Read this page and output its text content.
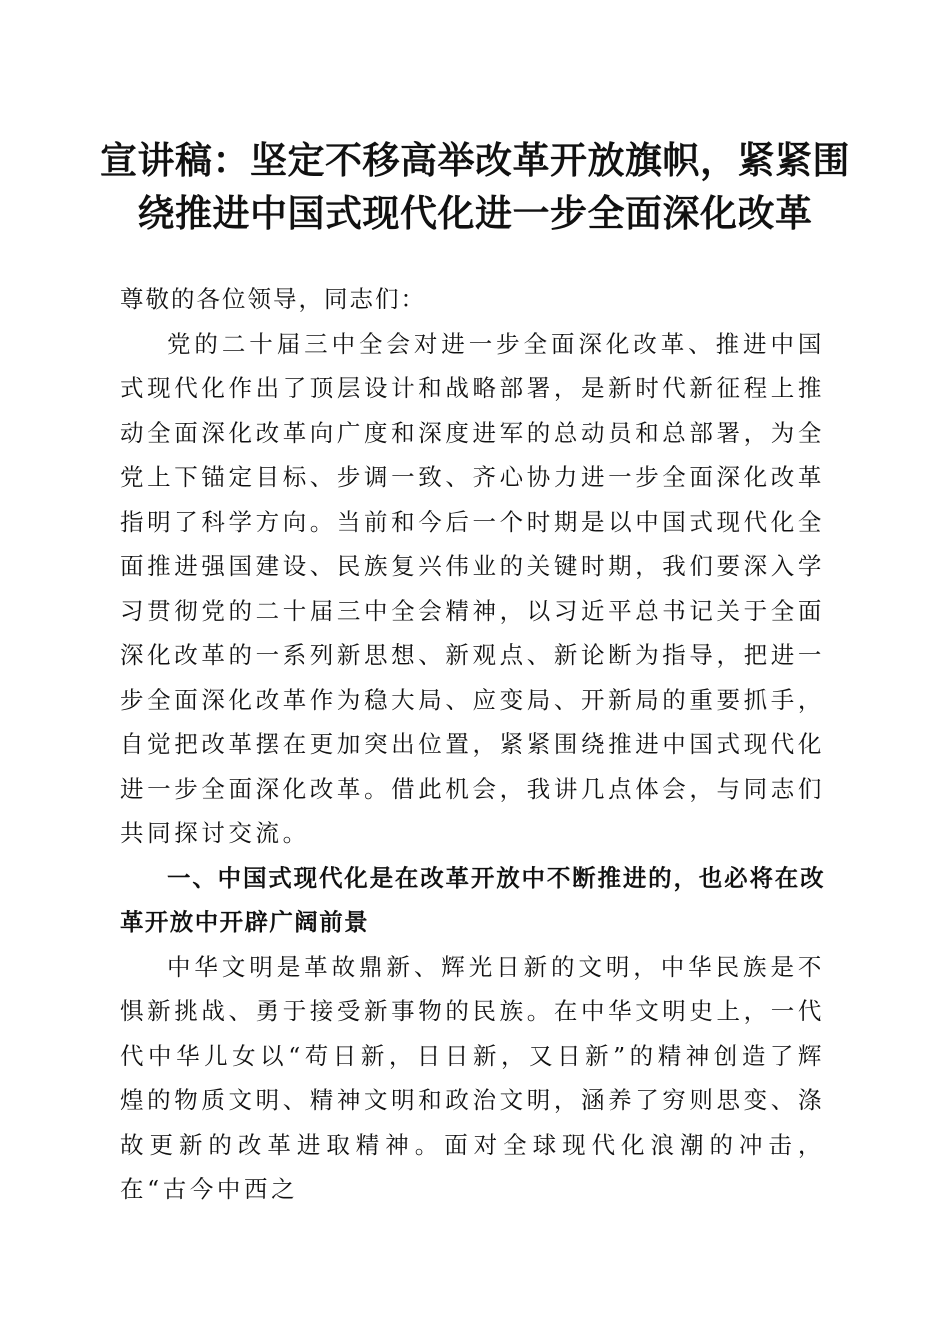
宣讲稿：坚定不移高举改革开放旗帜，紧紧围
绕推进中国式现代化进一步全面深化改革

尊敬的各位领导，同志们：

党的二十届三中全会对进一步全面深化改革、推进中国式现代化作出了顶层设计和战略部署，是新时代新征程上推动全面深化改革向广度和深度进军的总动员和总部署，为全党上下锚定目标、步调一致、齐心协力进一步全面深化改革指明了科学方向。当前和今后一个时期是以中国式现代化全面推进强国建设、民族复兴伟业的关键时期，我们要深入学习贯彻党的二十届三中全会精神，以习近平总书记关于全面深化改革的一系列新思想、新观点、新论断为指导，把进一步全面深化改革作为稳大局、应变局、开新局的重要抓手，自觉把改革摆在更加突出位置，紧紧围绕推进中国式现代化进一步全面深化改革。借此机会，我讲几点体会，与同志们共同探讨交流。

一、中国式现代化是在改革开放中不断推进的，也必将在改革开放中开辟广阔前景

中华文明是革故鼎新、辉光日新的文明，中华民族是不惧新挑战、勇于接受新事物的民族。在中华文明史上，一代代中华儿女以“苟日新，日日新，又日新”的精神创造了辉煌的物质文明、精神文明和政治文明，涵养了穷则思变、涤故更新的改革进取精神。面对全球现代化浪潮的冲击，在“古今中西之
